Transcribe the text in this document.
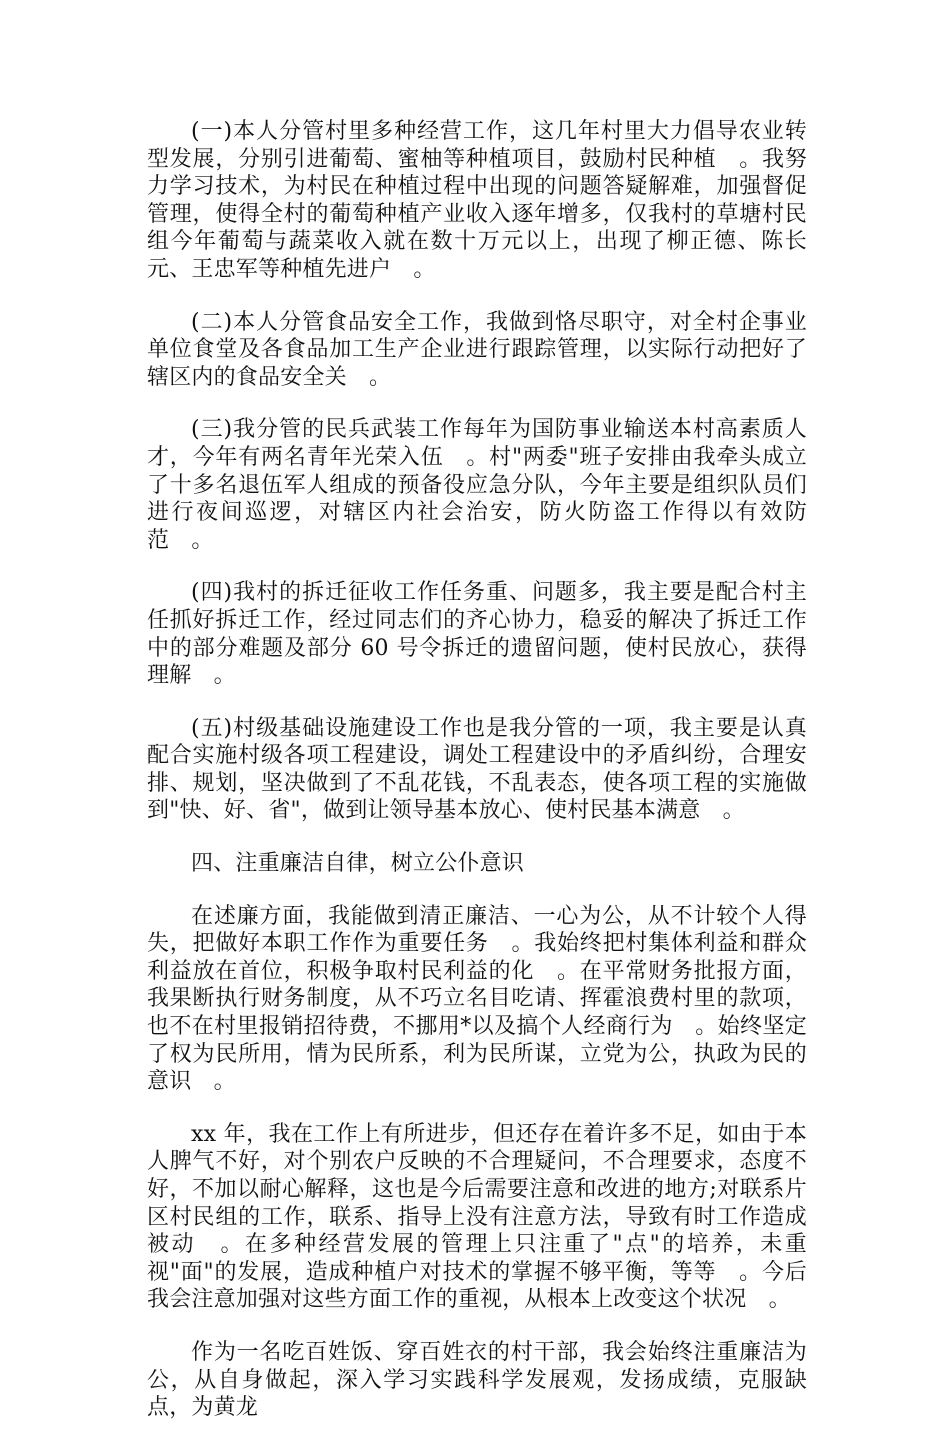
(一)本人分管村里多种经营工作，这几年村里大力倡导农业转型发展，分别引进葡萄、蜜柚等种植项目，鼓励村民种植　。我努力学习技术，为村民在种植过程中出现的问题答疑解难，加强督促管理，使得全村的葡萄种植产业收入逐年增多，仅我村的草塘村民组今年葡萄与蔬菜收入就在数十万元以上，出现了柳正德、陈长元、王忠军等种植先进户　。

(二)本人分管食品安全工作，我做到恪尽职守，对全村企事业单位食堂及各食品加工生产企业进行跟踪管理，以实际行动把好了辖区内的食品安全关　。

(三)我分管的民兵武装工作每年为国防事业输送本村高素质人才，今年有两名青年光荣入伍　。村"两委"班子安排由我牵头成立了十多名退伍军人组成的预备役应急分队，今年主要是组织队员们进行夜间巡逻，对辖区内社会治安，防火防盗工作得以有效防范　。

(四)我村的拆迁征收工作任务重、问题多，我主要是配合村主任抓好拆迁工作，经过同志们的齐心协力，稳妥的解决了拆迁工作中的部分难题及部分 60 号令拆迁的遗留问题，使村民放心，获得理解　。

(五)村级基础设施建设工作也是我分管的一项，我主要是认真配合实施村级各项工程建设，调处工程建设中的矛盾纠纷，合理安排、规划，坚决做到了不乱花钱，不乱表态，使各项工程的实施做到"快、好、省"，做到让领导基本放心、使村民基本满意　。

四、注重廉洁自律，树立公仆意识

在述廉方面，我能做到清正廉洁、一心为公，从不计较个人得失，把做好本职工作作为重要任务　。我始终把村集体利益和群众利益放在首位，积极争取村民利益的化　。在平常财务批报方面，我果断执行财务制度，从不巧立名目吃请、挥霍浪费村里的款项，也不在村里报销招待费，不挪用*以及搞个人经商行为　。始终坚定了权为民所用，情为民所系，利为民所谋，立党为公，执政为民的意识　。

xx 年，我在工作上有所进步，但还存在着许多不足，如由于本人脾气不好，对个别农户反映的不合理疑问，不合理要求，态度不好，不加以耐心解释，这也是今后需要注意和改进的地方;对联系片区村民组的工作，联系、指导上没有注意方法，导致有时工作造成被动　。在多种经营发展的管理上只注重了"点"的培养，未重视"面"的发展，造成种植户对技术的掌握不够平衡，等等　。今后我会注意加强对这些方面工作的重视，从根本上改变这个状况　。

作为一名吃百姓饭、穿百姓衣的村干部，我会始终注重廉洁为公，从自身做起，深入学习实践科学发展观，发扬成绩，克服缺点，为黄龙
